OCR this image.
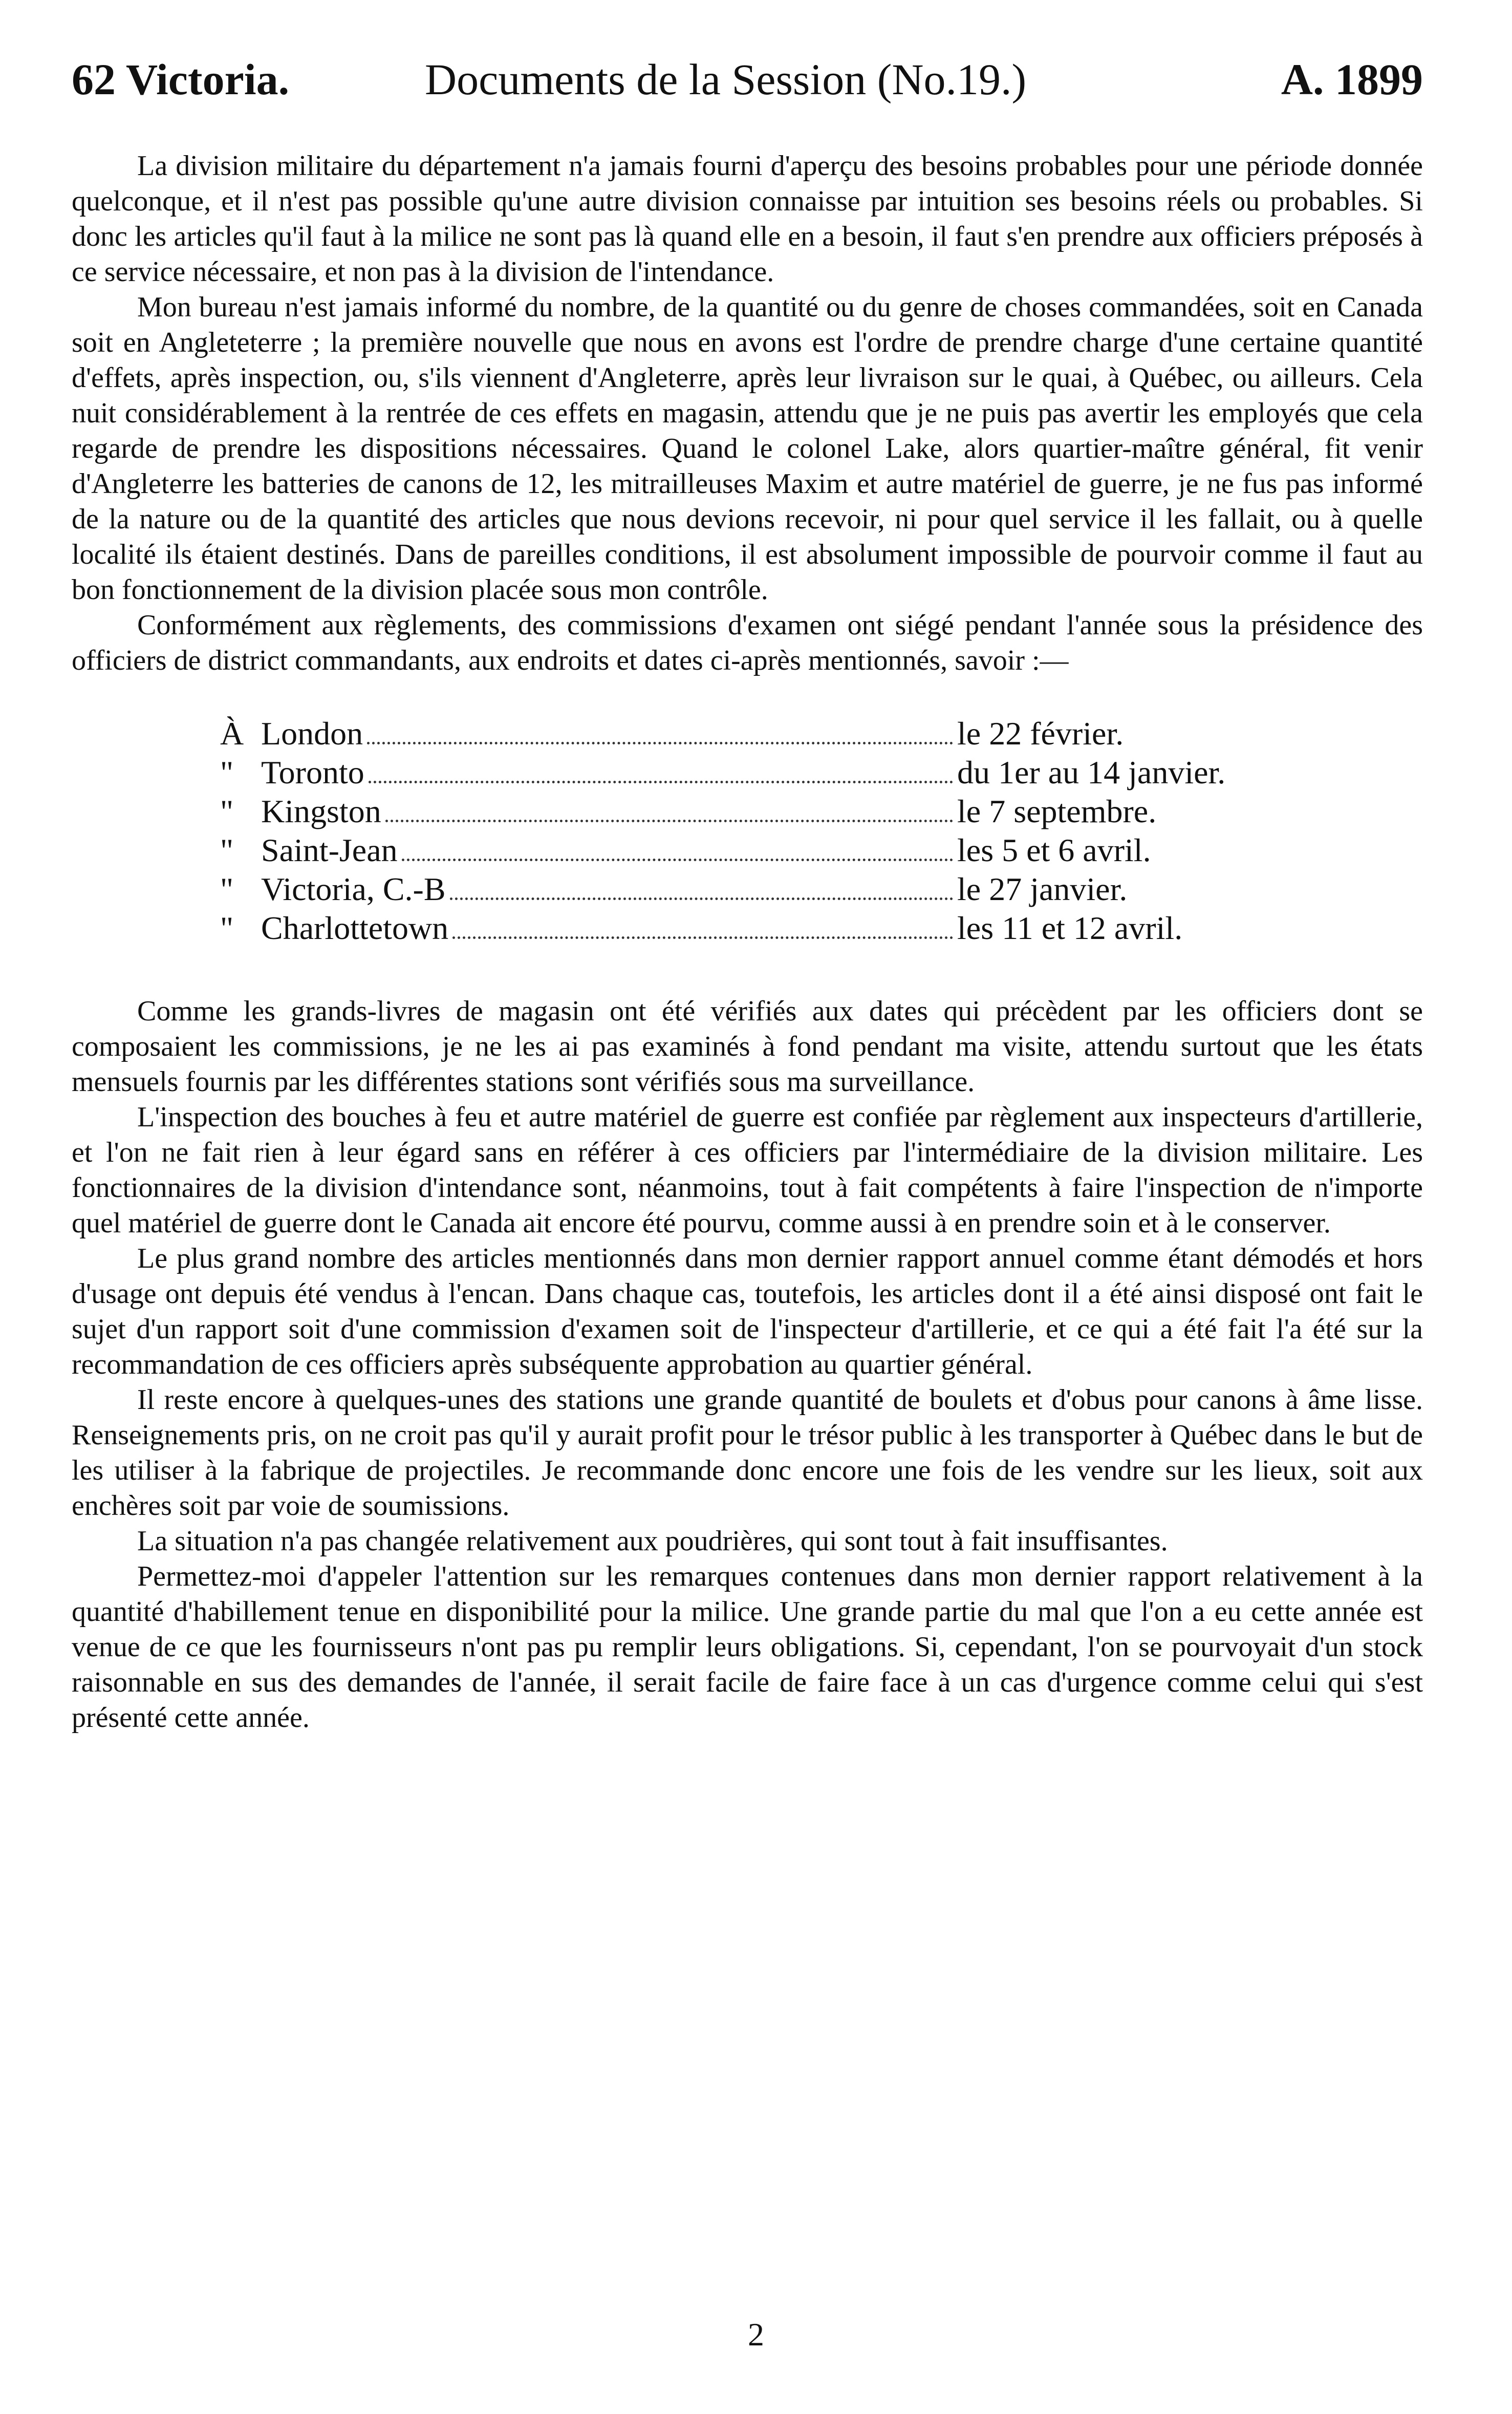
62 Victoria.	Documents de la Session (No.19.)	A. 1899

La division militaire du département n'a jamais fourni d'aperçu des besoins probables pour une période donnée quelconque, et il n'est pas possible qu'une autre division connaisse par intuition ses besoins réels ou probables. Si donc les articles qu'il faut à la milice ne sont pas là quand elle en a besoin, il faut s'en prendre aux officiers préposés à ce service nécessaire, et non pas à la division de l'intendance.

Mon bureau n'est jamais informé du nombre, de la quantité ou du genre de choses commandées, soit en Canada soit en Angleteterre ; la première nouvelle que nous en avons est l'ordre de prendre charge d'une certaine quantité d'effets, après inspection, ou, s'ils viennent d'Angleterre, après leur livraison sur le quai, à Québec, ou ailleurs. Cela nuit considérablement à la rentrée de ces effets en magasin, attendu que je ne puis pas avertir les employés que cela regarde de prendre les dispositions nécessaires. Quand le colonel Lake, alors quartier-maître général, fit venir d'Angleterre les batteries de canons de 12, les mitrailleuses Maxim et autre matériel de guerre, je ne fus pas informé de la nature ou de la quantité des articles que nous devions recevoir, ni pour quel service il les fallait, ou à quelle localité ils étaient destinés. Dans de pareilles conditions, il est absolument impossible de pourvoir comme il faut au bon fonctionnement de la division placée sous mon contrôle.

Conformément aux règlements, des commissions d'examen ont siégé pendant l'année sous la présidence des officiers de district commandants, aux endroits et dates ci-après mentionnés, savoir :—

À London	le 22 février.
" Toronto	du 1er au 14 janvier.
" Kingston	le 7 septembre.
" Saint-Jean	les 5 et 6 avril.
" Victoria, C.-B	le 27 janvier.
" Charlottetown	les 11 et 12 avril.

Comme les grands-livres de magasin ont été vérifiés aux dates qui précèdent par les officiers dont se composaient les commissions, je ne les ai pas examinés à fond pendant ma visite, attendu surtout que les états mensuels fournis par les différentes stations sont vérifiés sous ma surveillance.

L'inspection des bouches à feu et autre matériel de guerre est confiée par règlement aux inspecteurs d'artillerie, et l'on ne fait rien à leur égard sans en référer à ces officiers par l'intermédiaire de la division militaire. Les fonctionnaires de la division d'intendance sont, néanmoins, tout à fait compétents à faire l'inspection de n'importe quel matériel de guerre dont le Canada ait encore été pourvu, comme aussi à en prendre soin et à le conserver.

Le plus grand nombre des articles mentionnés dans mon dernier rapport annuel comme étant démodés et hors d'usage ont depuis été vendus à l'encan. Dans chaque cas, toutefois, les articles dont il a été ainsi disposé ont fait le sujet d'un rapport soit d'une commission d'examen soit de l'inspecteur d'artillerie, et ce qui a été fait l'a été sur la recommandation de ces officiers après subséquente approbation au quartier général.

Il reste encore à quelques-unes des stations une grande quantité de boulets et d'obus pour canons à âme lisse. Renseignements pris, on ne croit pas qu'il y aurait profit pour le trésor public à les transporter à Québec dans le but de les utiliser à la fabrique de projectiles. Je recommande donc encore une fois de les vendre sur les lieux, soit aux enchères soit par voie de soumissions.

La situation n'a pas changée relativement aux poudrières, qui sont tout à fait insuffisantes.

Permettez-moi d'appeler l'attention sur les remarques contenues dans mon dernier rapport relativement à la quantité d'habillement tenue en disponibilité pour la milice. Une grande partie du mal que l'on a eu cette année est venue de ce que les fournisseurs n'ont pas pu remplir leurs obligations. Si, cependant, l'on se pourvoyait d'un stock raisonnable en sus des demandes de l'année, il serait facile de faire face à un cas d'urgence comme celui qui s'est présenté cette année.

2
